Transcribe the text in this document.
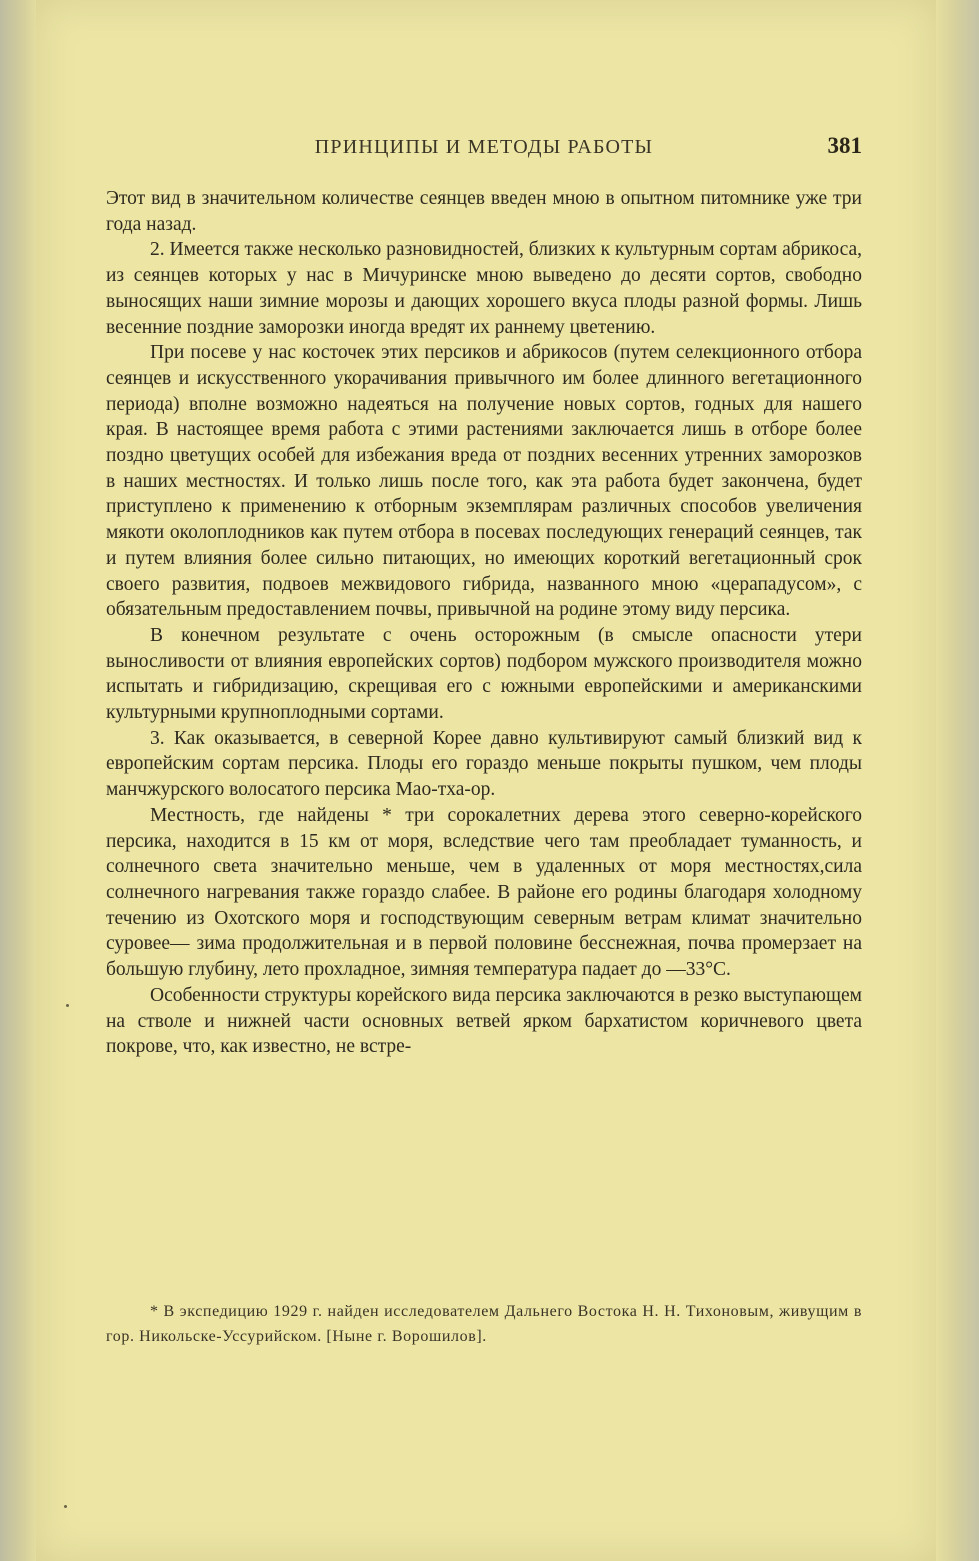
ПРИНЦИПЫ И МЕТОДЫ РАБОТЫ	381

Этот вид в значительном количестве сеянцев введен мною в опытном питомнике уже три года назад.

2. Имеется также несколько разновидностей, близких к культурным сортам абрикоса, из сеянцев которых у нас в Мичуринске мною выведено до десяти сортов, свободно выносящих наши зимние морозы и дающих хорошего вкуса плоды разной формы. Лишь весенние поздние заморозки иногда вредят их раннему цветению.

При посеве у нас косточек этих персиков и абрикосов (путем селекционного отбора сеянцев и искусственного укорачивания привычного им более длинного вегетационного периода) вполне возможно надеяться на получение новых сортов, годных для нашего края. В настоящее время работа с этими растениями заключается лишь в отборе более поздно цветущих особей для избежания вреда от поздних весенних утренних заморозков в наших местностях. И только лишь после того, как эта работа будет закончена, будет приступлено к применению к отборным экземплярам различных способов увеличения мякоти околоплодников как путем отбора в посевах последующих генераций сеянцев, так и путем влияния более сильно питающих, но имеющих короткий вегетационный срок своего развития, подвоев межвидового гибрида, названного мною «церападусом», с обязательным предоставлением почвы, привычной на родине этому виду персика.

В конечном результате с очень осторожным (в смысле опасности утери выносливости от влияния европейских сортов) подбором мужского производителя можно испытать и гибридизацию, скрещивая его с южными европейскими и американскими культурными крупноплодными сортами.

3. Как оказывается, в северной Корее давно культивируют самый близкий вид к европейским сортам персика. Плоды его гораздо меньше покрыты пушком, чем плоды манчжурского волосатого персика Мао-тха-ор.

Местность, где найдены * три сорокалетних дерева этого северно-корейского персика, находится в 15 км от моря, вследствие чего там преобладает туманность, и солнечного света значительно меньше, чем в удаленных от моря местностях,сила солнечного нагревания также гораздо слабее. В районе его родины благодаря холодному течению из Охотского моря и господствующим северным ветрам климат значительно суровее— зима продолжительная и в первой половине бесснежная, почва промерзает на большую глубину, лето прохладное, зимняя температура падает до —33°С.

Особенности структуры корейского вида персика заключаются в резко выступающем на стволе и нижней части основных ветвей ярком бархатистом коричневого цвета покрове, что, как известно, не встре-

* В экспедицию 1929 г. найден исследователем Дальнего Востока Н. Н. Тихоновым, живущим в гор. Никольске-Уссурийском. [Ныне г. Ворошилов].
